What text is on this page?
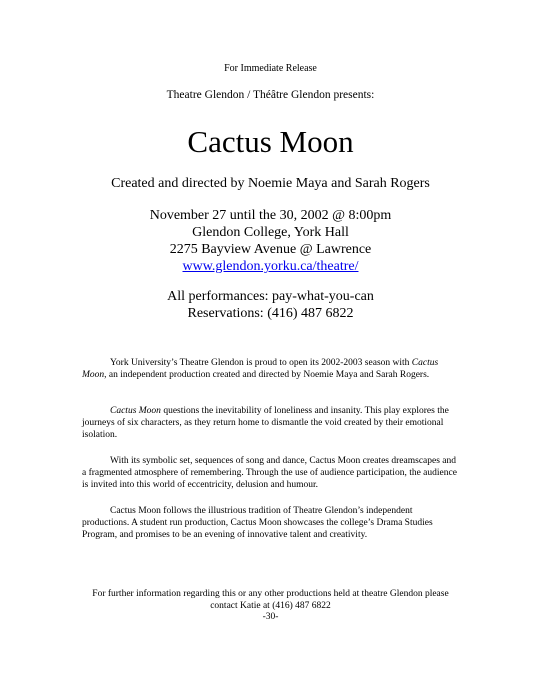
For Immediate Release
Theatre Glendon / Théâtre Glendon presents:
Cactus Moon
Created and directed by Noemie Maya and Sarah Rogers
November 27 until the 30, 2002 @ 8:00pm
Glendon College, York Hall
2275 Bayview Avenue @ Lawrence
www.glendon.yorku.ca/theatre/
All performances: pay-what-you-can
Reservations: (416) 487 6822

York University’s Theatre Glendon is proud to open its 2002-2003 season with Cactus Moon, an independent production created and directed by Noemie Maya and Sarah Rogers.

Cactus Moon questions the inevitability of loneliness and insanity. This play explores the journeys of six characters, as they return home to dismantle the void created by their emotional isolation.

With its symbolic set, sequences of song and dance, Cactus Moon creates dreamscapes and a fragmented atmosphere of remembering. Through the use of audience participation, the audience is invited into this world of eccentricity, delusion and humour.

Cactus Moon follows the illustrious tradition of Theatre Glendon’s independent productions. A student run production, Cactus Moon showcases the college’s Drama Studies Program, and promises to be an evening of innovative talent and creativity.

For further information regarding this or any other productions held at theatre Glendon please
contact Katie at (416) 487 6822
-30-
